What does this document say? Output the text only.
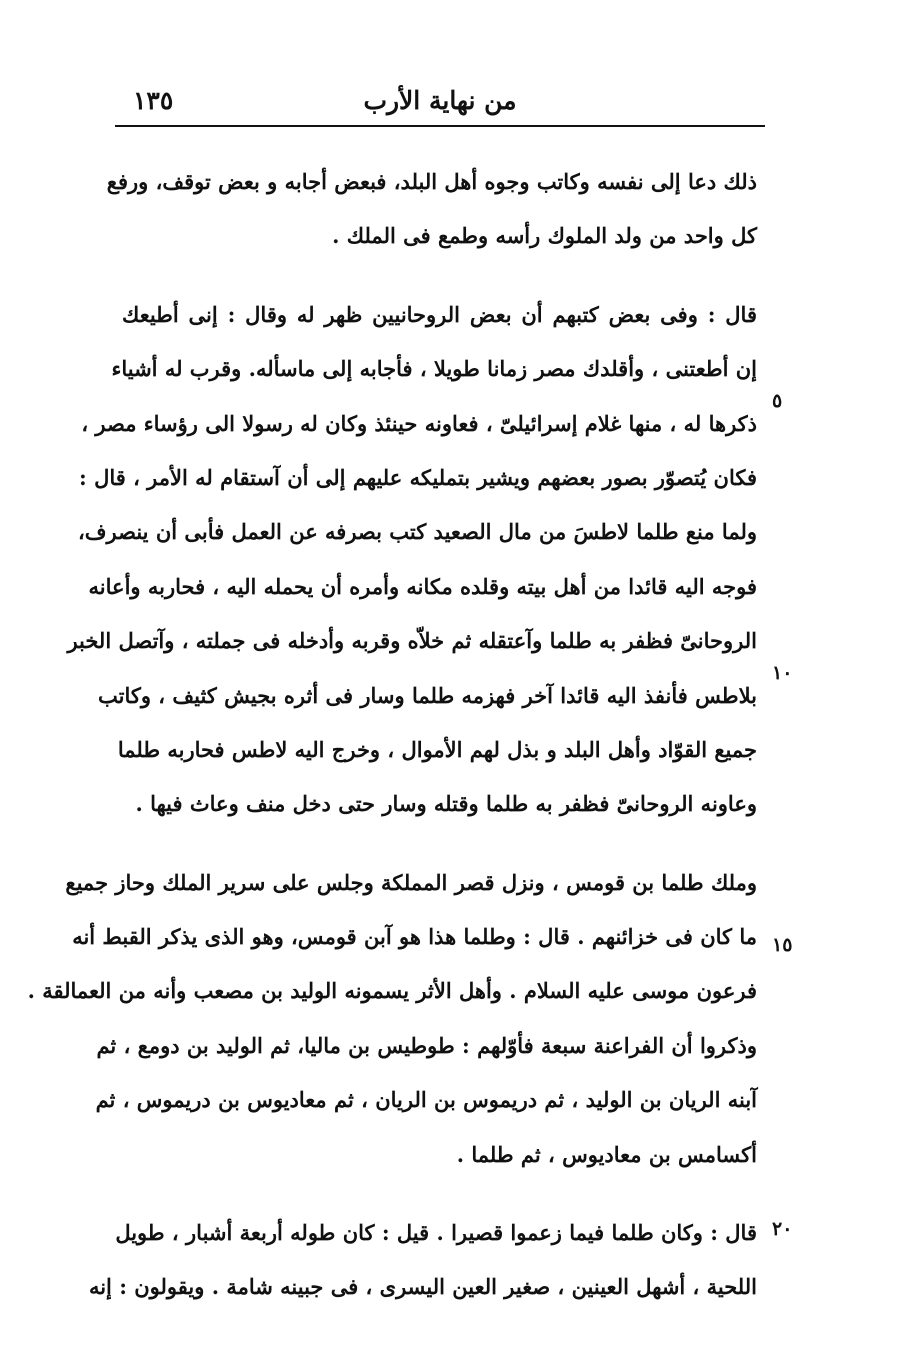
من نهاية الأرب
١٣٥
ذلك دعا إلى نفسه وكاتب وجوه أهل البلد، فبعض أجابه و بعض توقف، ورفع
كل واحد من ولد الملوك رأسه وطمع فى الملك .
قال : وفى بعض كتبهم أن بعض الروحانيين ظهر له وقال : إنى أطيعك
إن أطعتنى ، وأقلدك مصر زمانا طويلا ، فأجابه إلى ماسأله. وقرب له أشياء
ذكرها له ، منها غلام إسرائيلىّ ، فعاونه حينئذ وكان له رسولا الى رؤساء مصر ،
فكان يُتصوّر بصور بعضهم ويشير بتمليكه عليهم إلى أن آستقام له الأمر ، قال :
ولما منع طلما لاطسَ من مال الصعيد كتب بصرفه عن العمل فأبى أن ينصرف،
فوجه اليه قائدا من أهل بيته وقلده مكانه وأمره أن يحمله اليه ، فحاربه وأعانه
الروحانىّ فظفر به طلما وآعتقله ثم خلاّه وقربه وأدخله فى جملته ، وآتصل الخبر
بلاطس فأنفذ اليه قائدا آخر فهزمه طلما وسار فى أثره بجيش كثيف ، وكاتب
جميع القوّاد وأهل البلد و بذل لهم الأموال ، وخرج اليه لاطس فحاربه طلما
وعاونه الروحانىّ فظفر به طلما وقتله وسار حتى دخل منف وعاث فيها .
وملك طلما بن قومس ، ونزل قصر المملكة وجلس على سرير الملك وحاز جميع
ما كان فى خزائنهم . قال : وطلما هذا هو آبن قومس، وهو الذى يذكر القبط أنه
فرعون موسى عليه السلام . وأهل الأثر يسمونه الوليد بن مصعب وأنه من العمالقة .
وذكروا أن الفراعنة سبعة فأوّلهم : طوطيس بن ماليا، ثم الوليد بن دومع ، ثم
آبنه الريان بن الوليد ، ثم دريموس بن الريان ، ثم معاديوس بن دريموس ، ثم
أكسامس بن معاديوس ، ثم طلما .
قال : وكان طلما فيما زعموا قصيرا . قيل : كان طوله أربعة أشبار ، طويل
اللحية ، أشهل العينين ، صغير العين اليسرى ، فى جبينه شامة . ويقولون : إنه
٥
١٠
١٥
٢٠
